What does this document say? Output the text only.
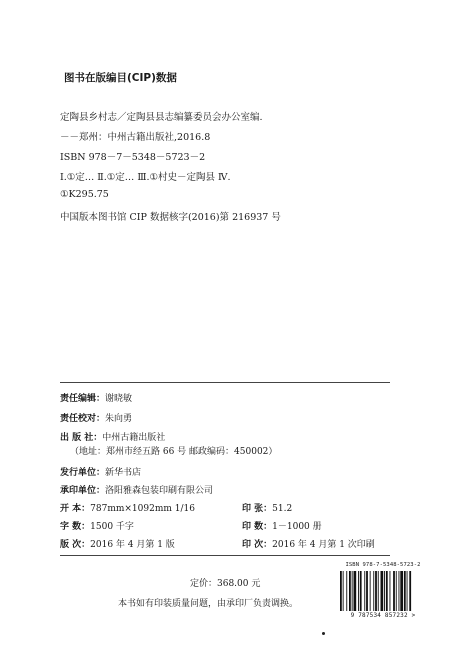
图书在版编目(CIP)数据
定陶县乡村志／定陶县县志编纂委员会办公室编.
－－郑州：中州古籍出版社,2016.8
ISBN 978－7－5348－5723－2
Ⅰ.①定… Ⅱ.①定… Ⅲ.①村史－定陶县 Ⅳ.
①K295.75
中国版本图书馆 CIP 数据核字(2016)第 216937 号
责任编辑：谢晓敏
责任校对：朱向勇
出 版 社：中州古籍出版社
（地址：郑州市经五路 66 号 邮政编码：450002）
发行单位：新华书店
承印单位：洛阳雅森包装印刷有限公司
开 本：787mm×1092mm 1/16	印 张：51.2
字 数：1500 千字	印 数：1－1000 册
版 次：2016 年 4 月第 1 版	印 次：2016 年 4 月第 1 次印刷
ISBN 978-7-5348-5723-2
9 787534 857232 >
定价：368.00 元
本书如有印装质量问题，由承印厂负责调换。
